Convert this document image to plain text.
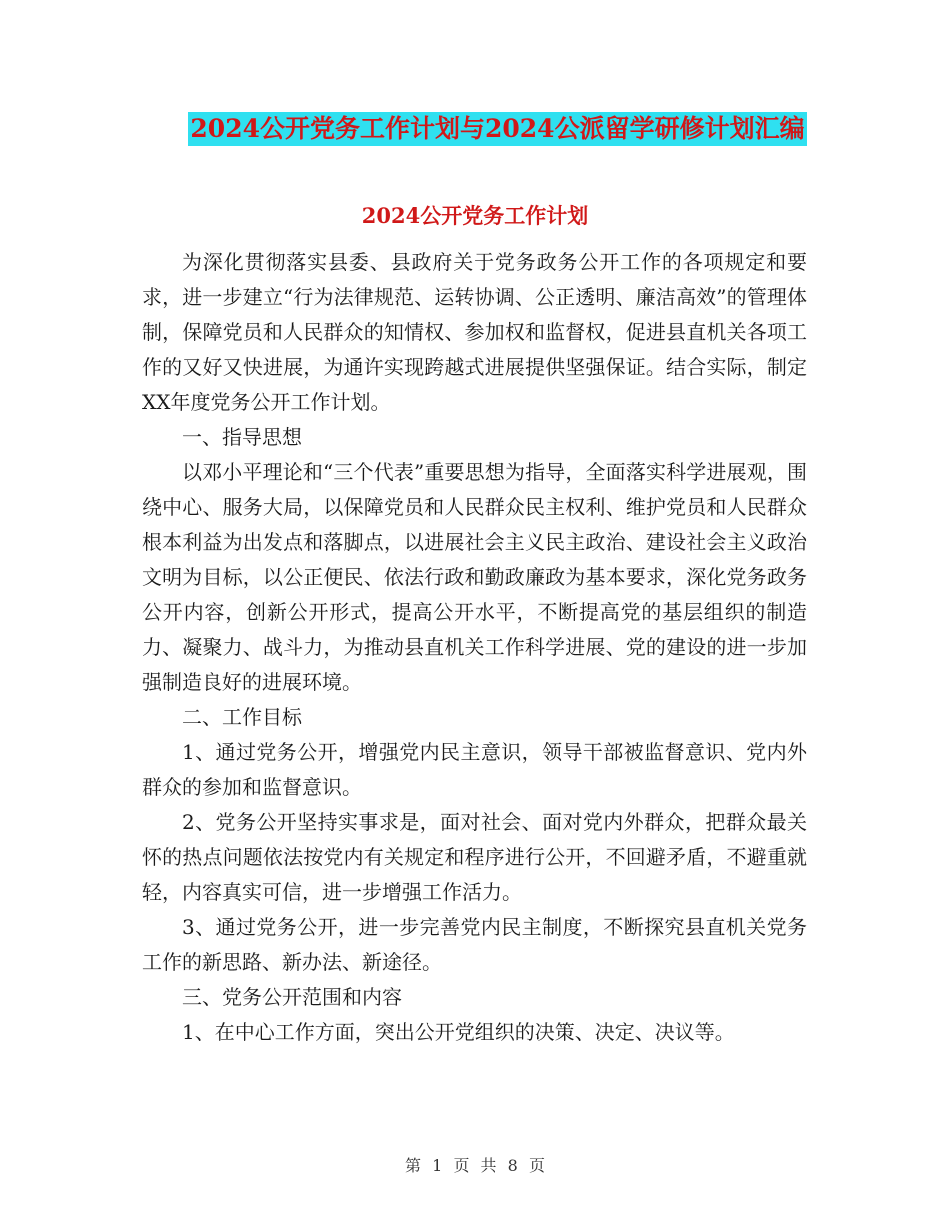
2024公开党务工作计划与2024公派留学研修计划汇编
2024公开党务工作计划

为深化贯彻落实县委、县政府关于党务政务公开工作的各项规定和要求，进一步建立“行为法律规范、运转协调、公正透明、廉洁高效”的管理体制，保障党员和人民群众的知情权、参加权和监督权，促进县直机关各项工作的又好又快进展，为通许实现跨越式进展提供坚强保证。结合实际，制定XX年度党务公开工作计划。

一、指导思想

以邓小平理论和“三个代表”重要思想为指导，全面落实科学进展观，围绕中心、服务大局，以保障党员和人民群众民主权利、维护党员和人民群众根本利益为出发点和落脚点，以进展社会主义民主政治、建设社会主义政治文明为目标，以公正便民、依法行政和勤政廉政为基本要求，深化党务政务公开内容，创新公开形式，提高公开水平，不断提高党的基层组织的制造力、凝聚力、战斗力，为推动县直机关工作科学进展、党的建设的进一步加强制造良好的进展环境。

二、工作目标

1、通过党务公开，增强党内民主意识，领导干部被监督意识、党内外群众的参加和监督意识。

2、党务公开坚持实事求是，面对社会、面对党内外群众，把群众最关怀的热点问题依法按党内有关规定和程序进行公开，不回避矛盾，不避重就轻，内容真实可信，进一步增强工作活力。

3、通过党务公开，进一步完善党内民主制度，不断探究县直机关党务工作的新思路、新办法、新途径。

三、党务公开范围和内容

1、在中心工作方面，突出公开党组织的决策、决定、决议等。

第 1 页 共 8 页
